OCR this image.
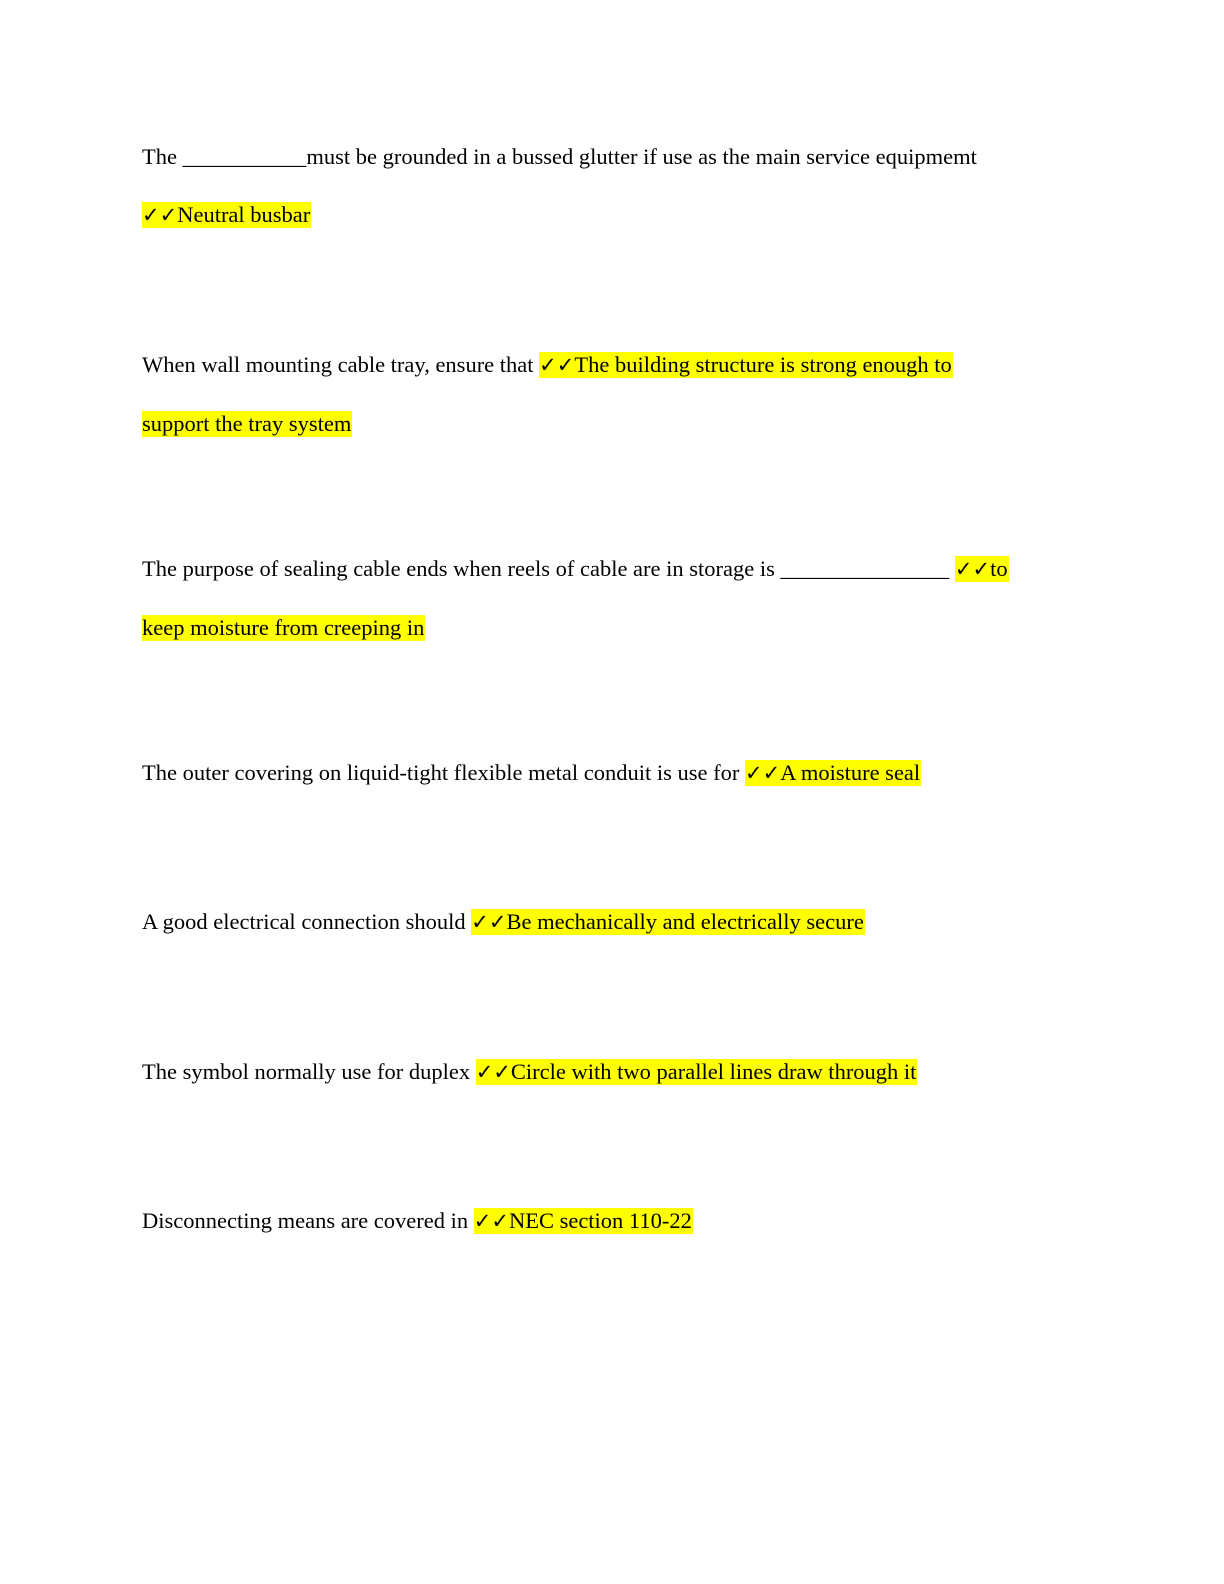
The ___________must be grounded in a bussed glutter if use as the main service equipmemt
✓✓Neutral busbar
When wall mounting cable tray, ensure that ✓✓The building structure is strong enough to
support the tray system
The purpose of sealing cable ends when reels of cable are in storage is _______________ ✓✓to
keep moisture from creeping in
The outer covering on liquid-tight flexible metal conduit is use for ✓✓A moisture seal
A good electrical connection should ✓✓Be mechanically and electrically secure
The symbol normally use for duplex ✓✓Circle with two parallel lines draw through it
Disconnecting means are covered in ✓✓NEC section 110-22
